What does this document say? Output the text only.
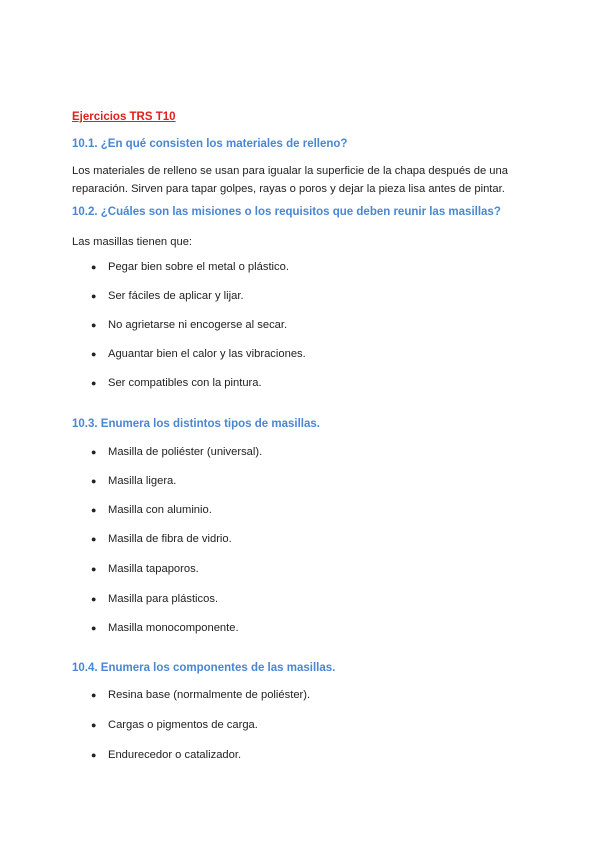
Ejercicios TRS T10
10.1. ¿En qué consisten los materiales de relleno?
Los materiales de relleno se usan para igualar la superficie de la chapa después de una reparación. Sirven para tapar golpes, rayas o poros y dejar la pieza lisa antes de pintar.
10.2. ¿Cuáles son las misiones o los requisitos que deben reunir las masillas?
Las masillas tienen que:
● Pegar bien sobre el metal o plástico.
● Ser fáciles de aplicar y lijar.
● No agrietarse ni encogerse al secar.
● Aguantar bien el calor y las vibraciones.
● Ser compatibles con la pintura.
10.3. Enumera los distintos tipos de masillas.
● Masilla de poliéster (universal).
● Masilla ligera.
● Masilla con aluminio.
● Masilla de fibra de vidrio.
● Masilla tapaporos.
● Masilla para plásticos.
● Masilla monocomponente.
10.4. Enumera los componentes de las masillas.
● Resina base (normalmente de poliéster).
● Cargas o pigmentos de carga.
● Endurecedor o catalizador.
